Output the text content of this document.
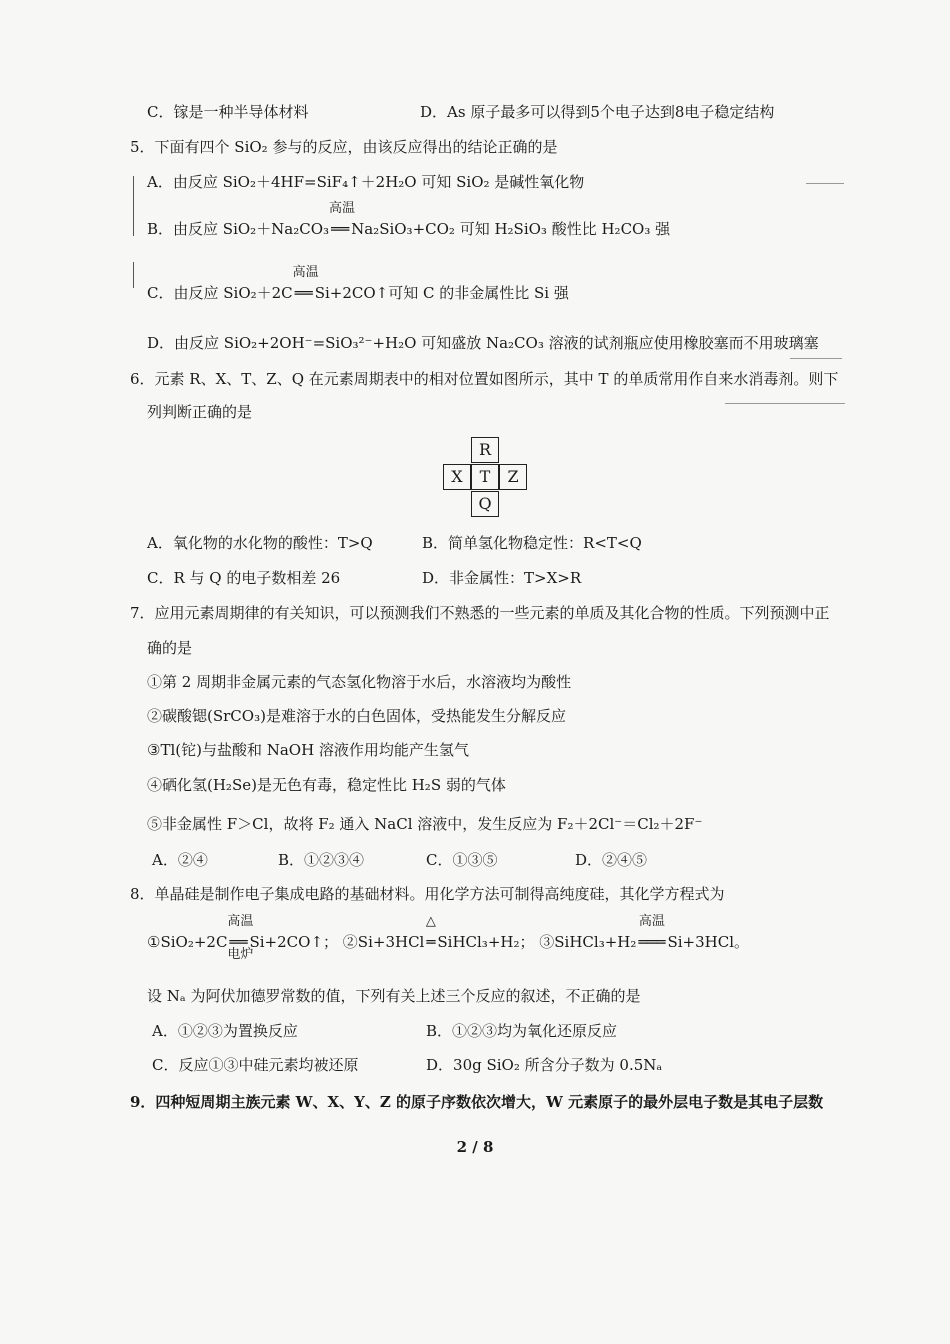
C．镓是一种半导体材料	D．As 原子最多可以得到5个电子达到8电子稳定结构
5．下面有四个 SiO₂ 参与的反应，由该反应得出的结论正确的是
A．由反应 SiO₂＋4HF=SiF₄↑＋2H₂O 可知 SiO₂ 是碱性氧化物
B．由反应 SiO₂＋Na₂CO₃
高温
══ Na₂SiO₃+CO₂ 可知 H₂SiO₃ 酸性比 H₂CO₃ 强
C．由反应 SiO₂＋2C
高温
══ Si+2CO↑可知 C 的非金属性比 Si 强
D．由反应 SiO₂+2OH⁻=SiO₃²⁻+H₂O 可知盛放 Na₂CO₃ 溶液的试剂瓶应使用橡胶塞而不用玻璃塞
6．元素 R、X、T、Z、Q 在元素周期表中的相对位置如图所示，其中 T 的单质常用作自来水消毒剂。则下
列判断正确的是
R
X	T	Z
Q
A．氧化物的水化物的酸性：T>Q	B．简单氢化物稳定性：R<T<Q
C．R 与 Q 的电子数相差 26	D．非金属性：T>X>R
7．应用元素周期律的有关知识，可以预测我们不熟悉的一些元素的单质及其化合物的性质。下列预测中正
确的是
①第 2 周期非金属元素的气态氢化物溶于水后，水溶液均为酸性
②碳酸锶(SrCO₃)是难溶于水的白色固体，受热能发生分解反应
③Tl(铊)与盐酸和 NaOH 溶液作用均能产生氢气
④硒化氢(H₂Se)是无色有毒，稳定性比 H₂S 弱的气体
⑤非金属性 F＞Cl，故将 F₂ 通入 NaCl 溶液中，发生反应为 F₂＋2Cl⁻＝Cl₂＋2F⁻
A．②④	B．①②③④	C．①③⑤	D．②④⑤
8．单晶硅是制作电子集成电路的基础材料。用化学方法可制得高纯度硅，其化学方程式为
①SiO₂+2C
高温
══
电炉
Si+2CO↑； ②Si+3HCl
△
═ SiHCl₃+H₂； ③SiHCl₃+H₂
高温
═══ Si+3HCl。
设 Nₐ 为阿伏加德罗常数的值，下列有关上述三个反应的叙述，不正确的是
A．①②③为置换反应	B．①②③均为氧化还原反应
C．反应①③中硅元素均被还原	D．30g SiO₂ 所含分子数为 0.5Nₐ
9．四种短周期主族元素 W、X、Y、Z 的原子序数依次增大，W 元素原子的最外层电子数是其电子层数
2 / 8
